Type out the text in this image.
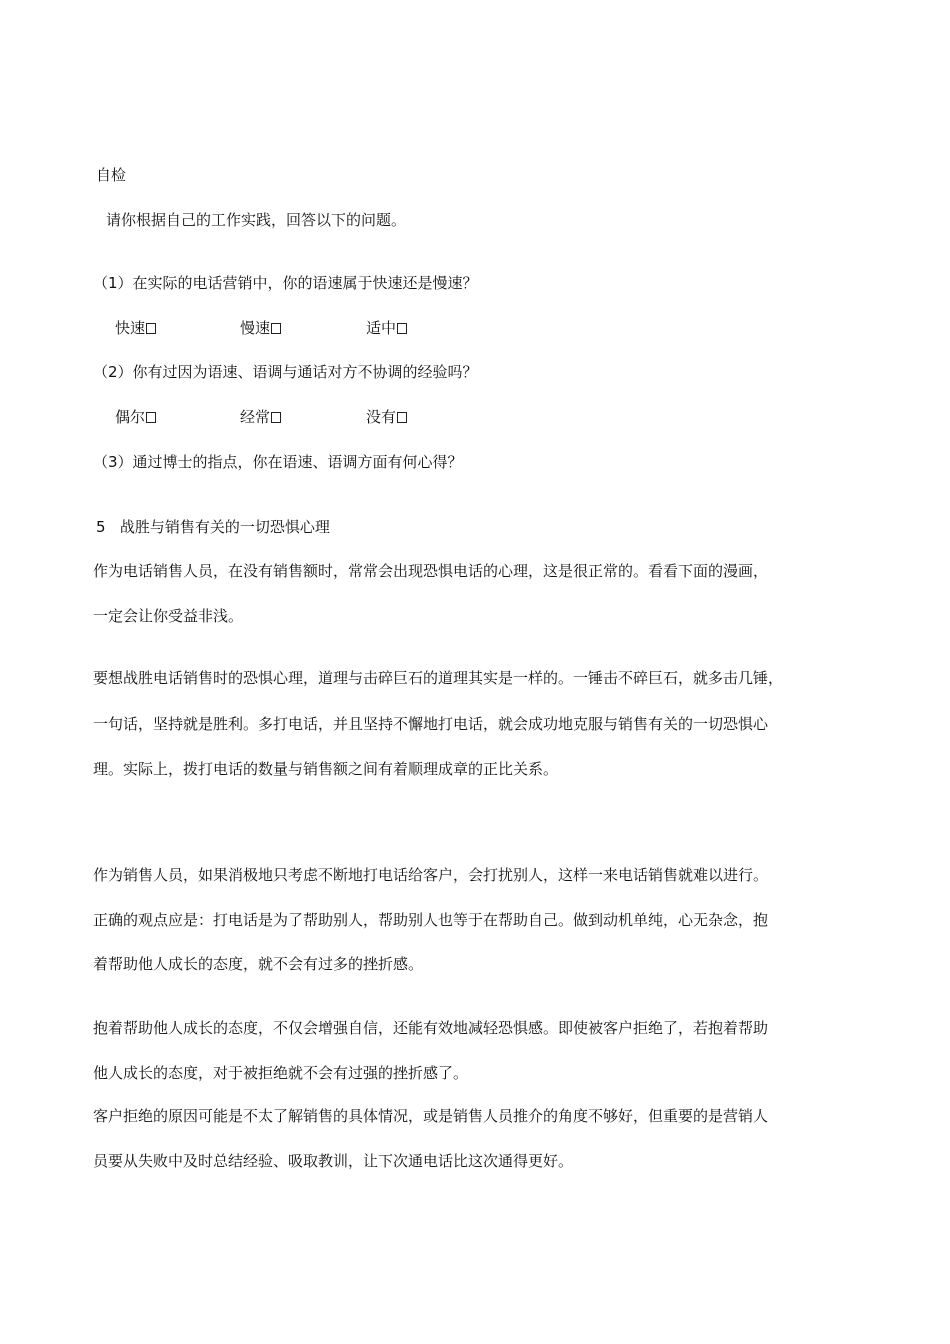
自检

请你根据自己的工作实践，回答以下的问题。

（1）在实际的电话营销中，你的语速属于快速还是慢速？

快速	慢速	适中

（2）你有过因为语速、语调与通话对方不协调的经验吗？

偶尔	经常	没有

（3）通过博士的指点，你在语速、语调方面有何心得？

5   战胜与销售有关的一切恐惧心理

作为电话销售人员，在没有销售额时，常常会出现恐惧电话的心理，这是很正常的。看看下面的漫画，

一定会让你受益非浅。

要想战胜电话销售时的恐惧心理，道理与击碎巨石的道理其实是一样的。一锤击不碎巨石，就多击几锤，

一句话，坚持就是胜利。多打电话，并且坚持不懈地打电话，就会成功地克服与销售有关的一切恐惧心

理。实际上，拨打电话的数量与销售额之间有着顺理成章的正比关系。

作为销售人员，如果消极地只考虑不断地打电话给客户，会打扰别人，这样一来电话销售就难以进行。

正确的观点应是：打电话是为了帮助别人，帮助别人也等于在帮助自己。做到动机单纯，心无杂念，抱

着帮助他人成长的态度，就不会有过多的挫折感。

抱着帮助他人成长的态度，不仅会增强自信，还能有效地减轻恐惧感。即使被客户拒绝了，若抱着帮助

他人成长的态度，对于被拒绝就不会有过强的挫折感了。

客户拒绝的原因可能是不太了解销售的具体情况，或是销售人员推介的角度不够好，但重要的是营销人

员要从失败中及时总结经验、吸取教训，让下次通电话比这次通得更好。
